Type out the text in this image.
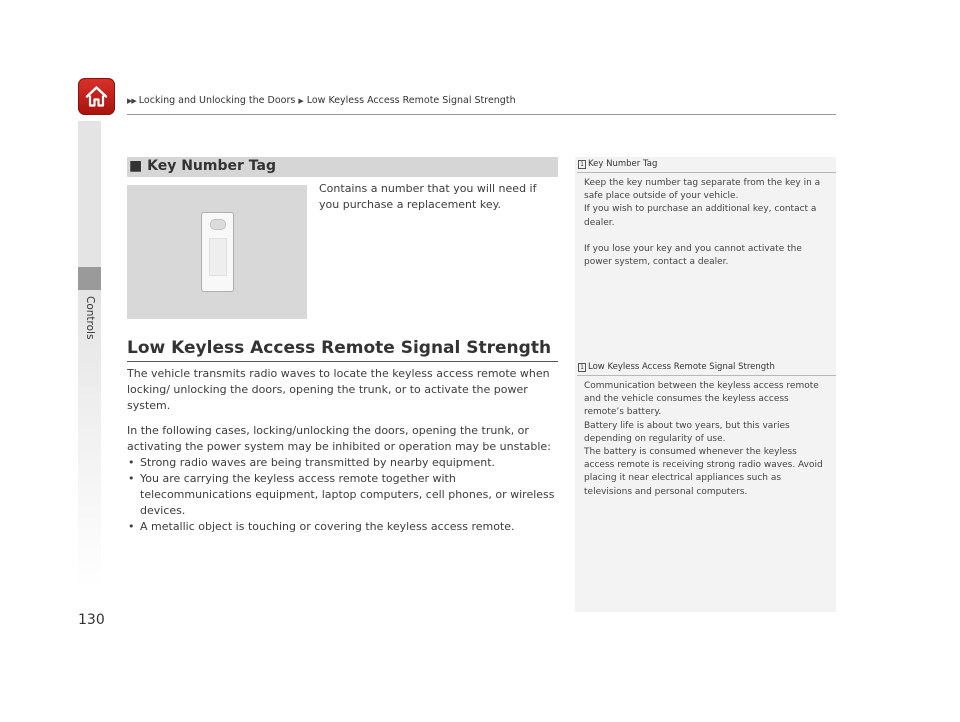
▶▶ Locking and Unlocking the Doors ▶ Low Keyless Access Remote Signal Strength
Controls
■ Key Number Tag
Contains a number that you will need if you purchase a replacement key.
Low Keyless Access Remote Signal Strength

The vehicle transmits radio waves to locate the keyless access remote when locking/ unlocking the doors, opening the trunk, or to activate the power system.

In the following cases, locking/unlocking the doors, opening the trunk, or activating the power system may be inhibited or operation may be unstable:

• Strong radio waves are being transmitted by nearby equipment.
• You are carrying the keyless access remote together with telecommunications equipment, laptop computers, cell phones, or wireless devices.
• A metallic object is touching or covering the keyless access remote.
1 Key Number Tag

Keep the key number tag separate from the key in a safe place outside of your vehicle.

If you wish to purchase an additional key, contact a dealer.

If you lose your key and you cannot activate the power system, contact a dealer.

1 Low Keyless Access Remote Signal Strength

Communication between the keyless access remote and the vehicle consumes the keyless access remote’s battery.

Battery life is about two years, but this varies depending on regularity of use.

The battery is consumed whenever the keyless access remote is receiving strong radio waves. Avoid placing it near electrical appliances such as televisions and personal computers.

130
